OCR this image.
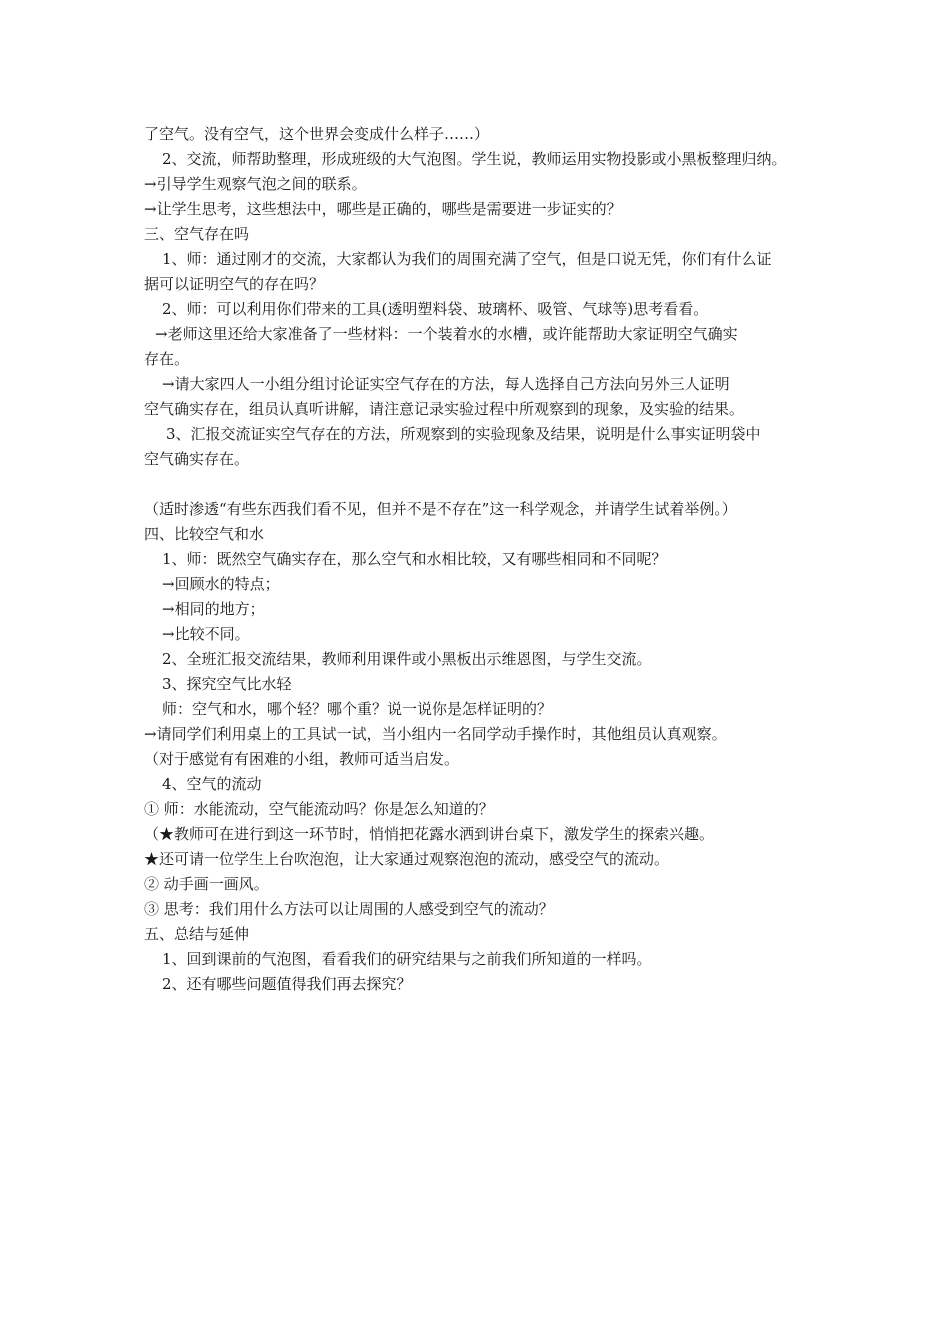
了空气。没有空气，这个世界会变成什么样子……）
2、交流，师帮助整理，形成班级的大气泡图。学生说，教师运用实物投影或小黑板整理归纳。
→引导学生观察气泡之间的联系。
→让学生思考，这些想法中，哪些是正确的，哪些是需要进一步证实的？
三、空气存在吗
1、师：通过刚才的交流，大家都认为我们的周围充满了空气，但是口说无凭，你们有什么证
据可以证明空气的存在吗？
2、师：可以利用你们带来的工具(透明塑料袋、玻璃杯、吸管、气球等)思考看看。
→老师这里还给大家准备了一些材料：一个装着水的水槽，或许能帮助大家证明空气确实
存在。
→请大家四人一小组分组讨论证实空气存在的方法，每人选择自己方法向另外三人证明
空气确实存在，组员认真听讲解，请注意记录实验过程中所观察到的现象，及实验的结果。
3、汇报交流证实空气存在的方法，所观察到的实验现象及结果，说明是什么事实证明袋中
空气确实存在。
（适时渗透“有些东西我们看不见，但并不是不存在”这一科学观念，并请学生试着举例。）
四、比较空气和水
1、师：既然空气确实存在，那么空气和水相比较，又有哪些相同和不同呢？
→回顾水的特点；
→相同的地方；
→比较不同。
2、全班汇报交流结果，教师利用课件或小黑板出示维恩图，与学生交流。
3、探究空气比水轻
师：空气和水，哪个轻？哪个重？说一说你是怎样证明的？
→请同学们利用桌上的工具试一试，当小组内一名同学动手操作时，其他组员认真观察。
（对于感觉有有困难的小组，教师可适当启发。
4、空气的流动
① 师：水能流动，空气能流动吗？你是怎么知道的？
（★教师可在进行到这一环节时，悄悄把花露水洒到讲台桌下，激发学生的探索兴趣。
★还可请一位学生上台吹泡泡，让大家通过观察泡泡的流动，感受空气的流动。
② 动手画一画风。
③ 思考：我们用什么方法可以让周围的人感受到空气的流动？
五、总结与延伸
1、回到课前的气泡图，看看我们的研究结果与之前我们所知道的一样吗。
2、还有哪些问题值得我们再去探究？
